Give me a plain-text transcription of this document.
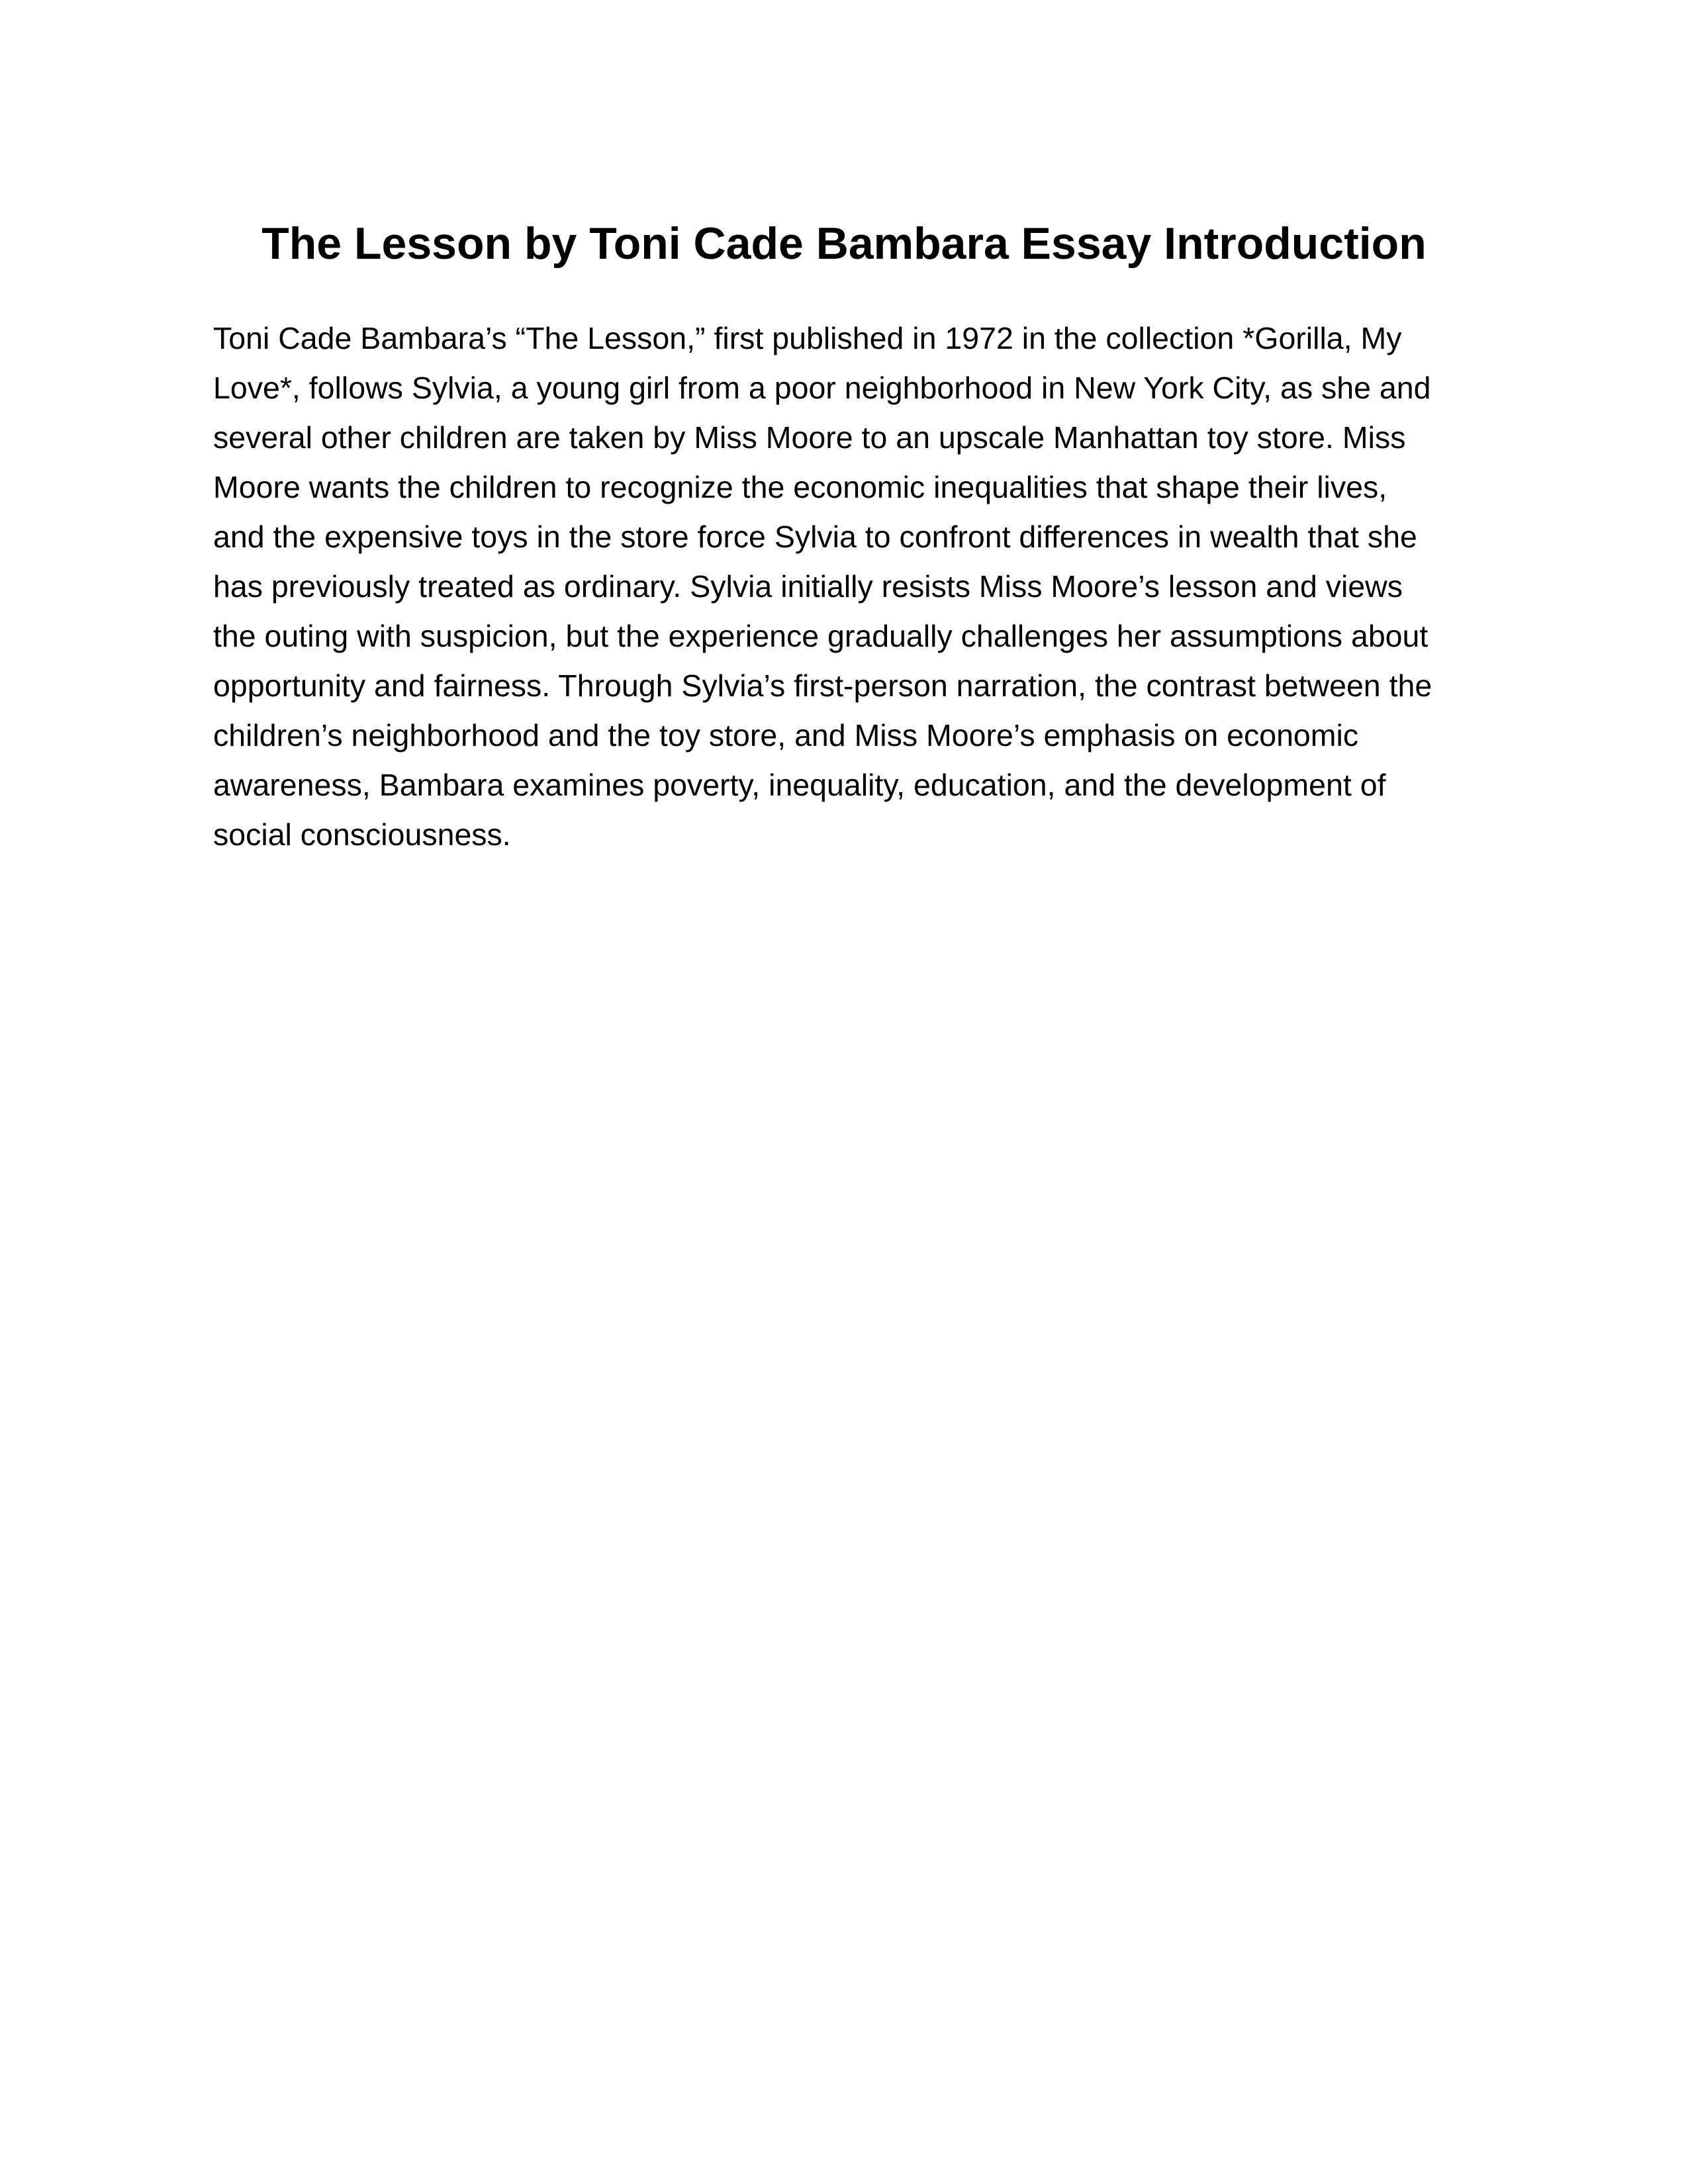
The Lesson by Toni Cade Bambara Essay Introduction

Toni Cade Bambara’s “The Lesson,” first published in 1972 in the collection *Gorilla, My
Love*, follows Sylvia, a young girl from a poor neighborhood in New York City, as she and
several other children are taken by Miss Moore to an upscale Manhattan toy store. Miss
Moore wants the children to recognize the economic inequalities that shape their lives,
and the expensive toys in the store force Sylvia to confront differences in wealth that she
has previously treated as ordinary. Sylvia initially resists Miss Moore’s lesson and views
the outing with suspicion, but the experience gradually challenges her assumptions about
opportunity and fairness. Through Sylvia’s first-person narration, the contrast between the
children’s neighborhood and the toy store, and Miss Moore’s emphasis on economic
awareness, Bambara examines poverty, inequality, education, and the development of
social consciousness.
